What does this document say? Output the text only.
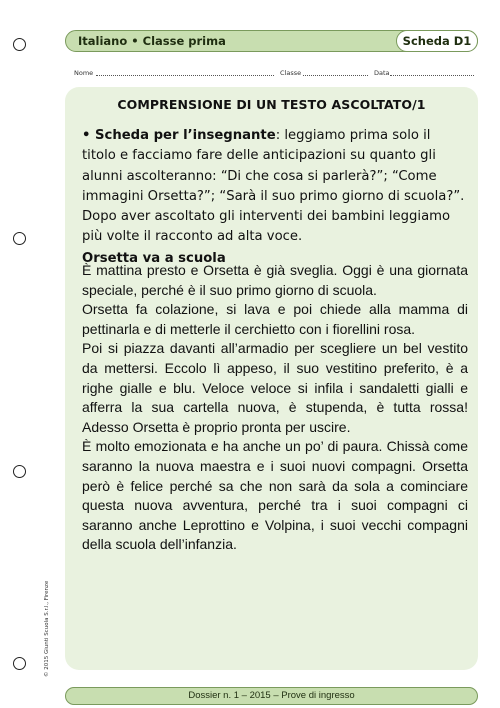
Italiano • Classe prima	Scheda D1
Nome	Classe	Data
COMPRENSIONE DI UN TESTO ASCOLTATO/1
• Scheda per l’insegnante: leggiamo prima solo il titolo e facciamo fare delle anticipazioni su quanto gli alunni ascolteranno: “Di che cosa si parlerà?”; “Come immagini Orsetta?”; “Sarà il suo primo giorno di scuola?”. Dopo aver ascoltato gli interventi dei bambini leggiamo più volte il racconto ad alta voce.
Orsetta va a scuola

È mattina presto e Orsetta è già sveglia. Oggi è una giornata speciale, perché è il suo primo giorno di scuola.

Orsetta fa colazione, si lava e poi chiede alla mamma di pettinarla e di metterle il cerchietto con i fiorellini rosa.

Poi si piazza davanti all’armadio per scegliere un bel vestito da mettersi. Eccolo lì appeso, il suo vestitino preferito, è a righe gialle e blu. Veloce veloce si infila i sandaletti gialli e afferra la sua cartella nuova, è stupenda, è tutta rossa! Adesso Orsetta è proprio pronta per uscire.

È molto emozionata e ha anche un po’ di paura. Chissà come saranno la nuova maestra e i suoi nuovi compagni. Orsetta però è felice perché sa che non sarà da sola a cominciare questa nuova avventura, perché tra i suoi compagni ci saranno anche Leprottino e Volpina, i suoi vecchi compagni della scuola dell’infanzia.

© 2015 Giunti Scuola S.r.l., Firenze
Dossier n. 1 – 2015 – Prove di ingresso
